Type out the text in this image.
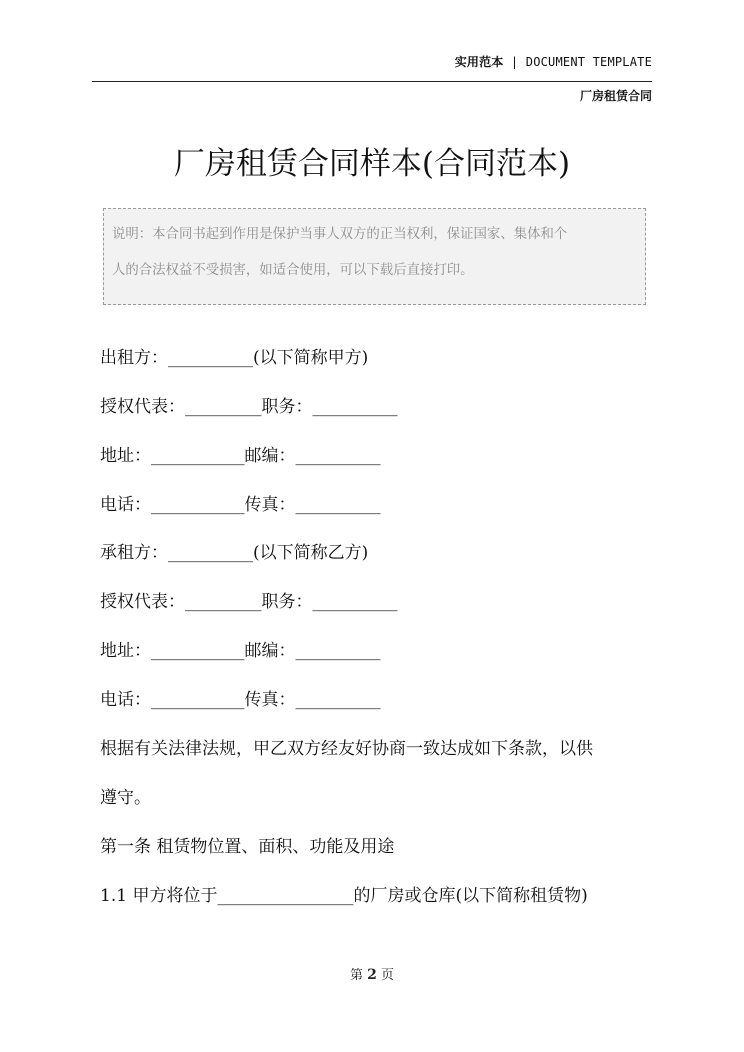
实用范本 | DOCUMENT TEMPLATE
厂房租赁合同
厂房租赁合同样本(合同范本)

说明：本合同书起到作用是保护当事人双方的正当权利，保证国家、集体和个

人的合法权益不受损害，如适合使用，可以下载后直接打印。

出租方：__________(以下简称甲方)
授权代表：_________职务：__________
地址：___________邮编：__________
电话：___________传真：__________
承租方：__________(以下简称乙方)
授权代表：_________职务：__________
地址：___________邮编：__________
电话：___________传真：__________
根据有关法律法规，甲乙双方经友好协商一致达成如下条款，以供
遵守。
第一条 租赁物位置、面积、功能及用途
1.1 甲方将位于________________的厂房或仓库(以下简称租赁物)
第 2 页
